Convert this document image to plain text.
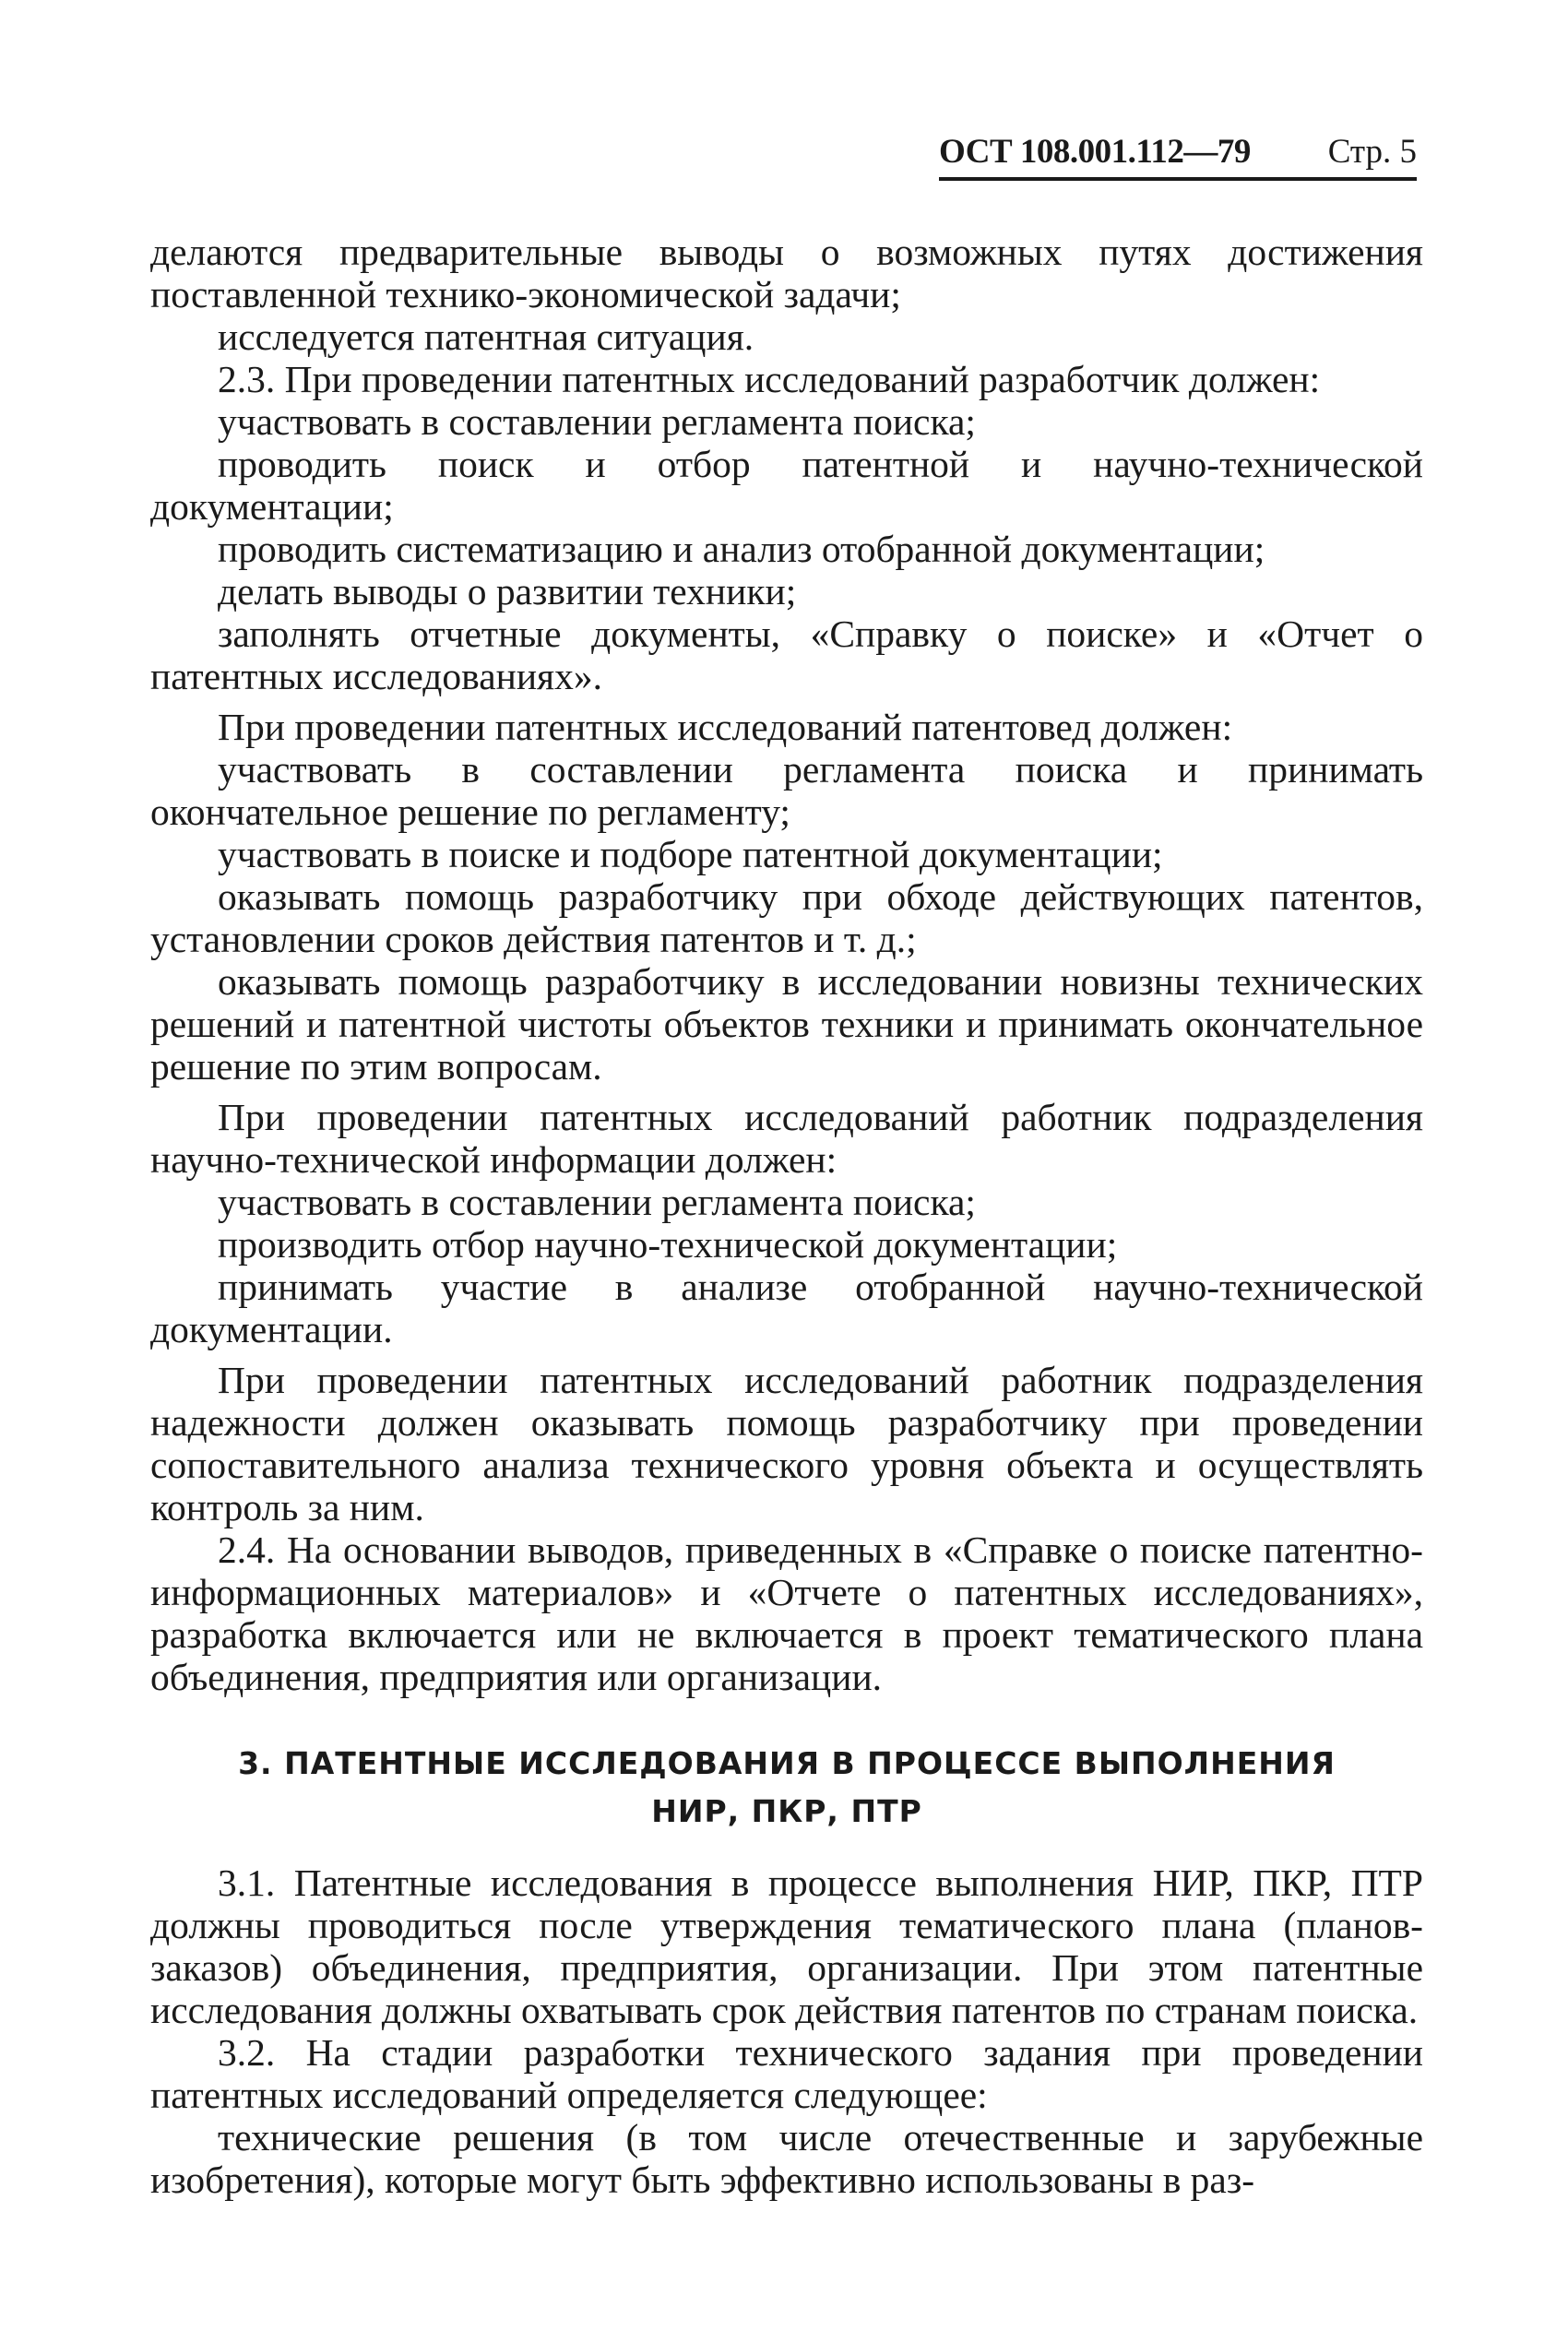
ОСТ 108.001.112—79 Стр. 5

делаются предварительные выводы о возможных путях достижения поставленной технико-экономической задачи;

исследуется патентная ситуация.

2.3. При проведении патентных исследований разработчик должен:

участвовать в составлении регламента поиска;

проводить поиск и отбор патентной и научно-технической документации;

проводить систематизацию и анализ отобранной документации;

делать выводы о развитии техники;

заполнять отчетные документы, «Справку о поиске» и «Отчет о патентных исследованиях».

При проведении патентных исследований патентовед должен:

участвовать в составлении регламента поиска и принимать окончательное решение по регламенту;

участвовать в поиске и подборе патентной документации;

оказывать помощь разработчику при обходе действующих патентов, установлении сроков действия патентов и т. д.;

оказывать помощь разработчику в исследовании новизны технических решений и патентной чистоты объектов техники и принимать окончательное решение по этим вопросам.

При проведении патентных исследований работник подразделения научно-технической информации должен:

участвовать в составлении регламента поиска;

производить отбор научно-технической документации;

принимать участие в анализе отобранной научно-технической документации.

При проведении патентных исследований работник подразделения надежности должен оказывать помощь разработчику при проведении сопоставительного анализа технического уровня объекта и осуществлять контроль за ним.

2.4. На основании выводов, приведенных в «Справке о поиске патентно-информационных материалов» и «Отчете о патентных исследованиях», разработка включается или не включается в проект тематического плана объединения, предприятия или организации.

3. ПАТЕНТНЫЕ ИССЛЕДОВАНИЯ В ПРОЦЕССЕ ВЫПОЛНЕНИЯ
НИР, ПКР, ПТР

3.1. Патентные исследования в процессе выполнения НИР, ПКР, ПТР должны проводиться после утверждения тематического плана (планов-заказов) объединения, предприятия, организации. При этом патентные исследования должны охватывать срок действия патентов по странам поиска.

3.2. На стадии разработки технического задания при проведении патентных исследований определяется следующее:

технические решения (в том числе отечественные и зарубежные изобретения), которые могут быть эффективно использованы в раз-
